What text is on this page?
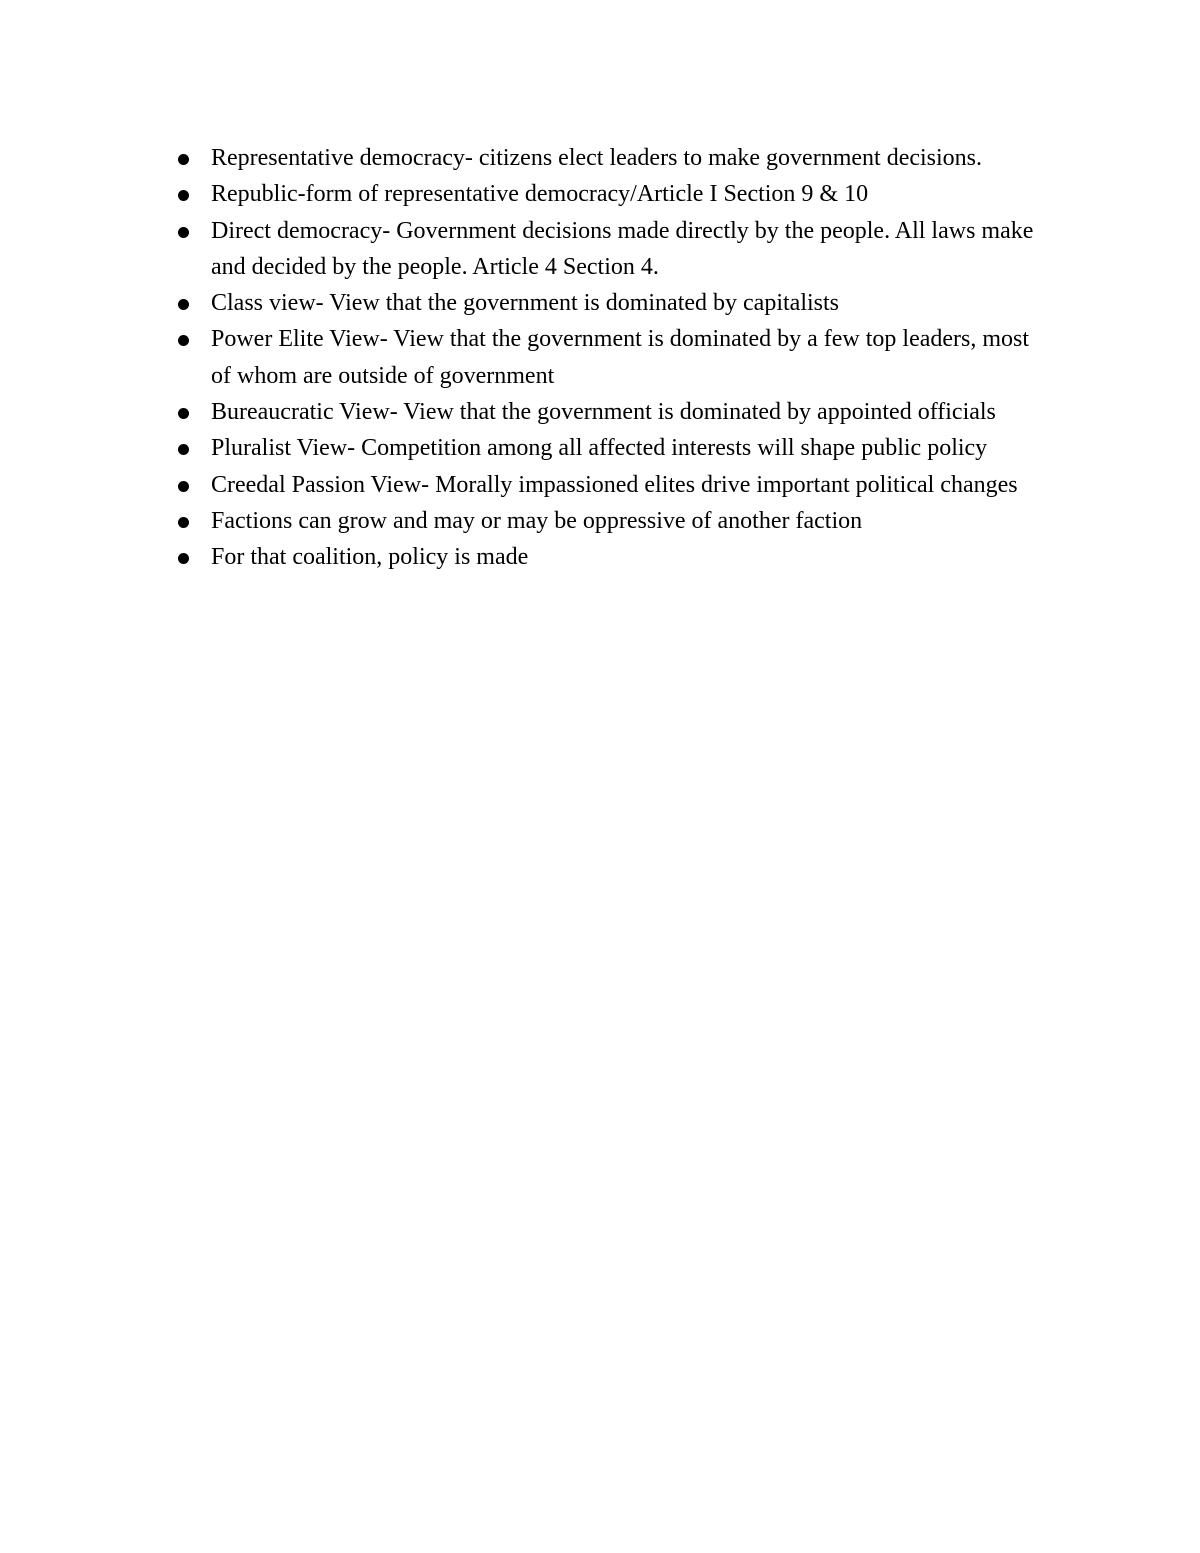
Representative democracy- citizens elect leaders to make government decisions.
Republic-form of representative democracy/Article I Section 9 & 10
Direct democracy- Government decisions made directly by the people. All laws make and decided by the people. Article 4 Section 4.
Class view- View that the government is dominated by capitalists
Power Elite View- View that the government is dominated by a few top leaders, most of whom are outside of government
Bureaucratic View- View that the government is dominated by appointed officials
Pluralist View- Competition among all affected interests will shape public policy
Creedal Passion View- Morally impassioned elites drive important political changes
Factions can grow and may or may be oppressive of another faction
For that coalition, policy is made
